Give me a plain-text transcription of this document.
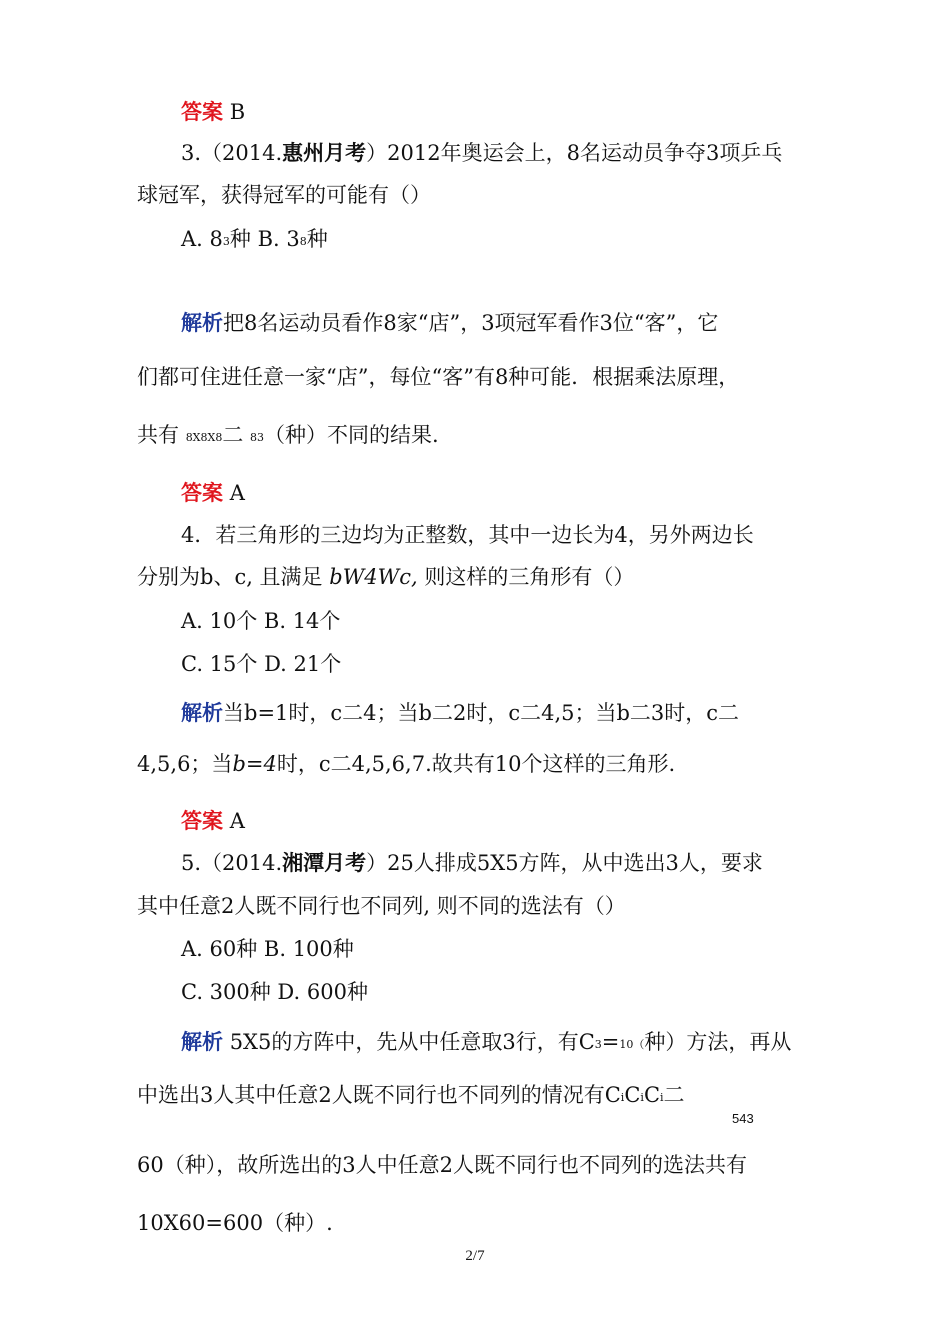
答案 B
3.（2014.惠州月考）2012年奥运会上，8名运动员争夺3项乒乓
球冠军，获得冠军的可能有（）
A. 83种 B. 38种
解析把8名运动员看作8家“店”，3项冠军看作3位“客”，它
们都可住进任意一家“店”，每位“客”有8种可能．根据乘法原理，
共有 8X8X8二 83（种）不同的结果.
答案 A
4．若三角形的三边均为正整数，其中一边长为4，另外两边长
分别为b、c, 且满足 bW4Wc, 则这样的三角形有（）
A. 10个 B. 14个
C. 15个 D. 21个
解析当b=1时，c二4；当b二2时，c二4,5；当b二3时，c二
4,5,6；当b=4时，c二4,5,6,7.故共有10个这样的三角形.
答案 A
5.（2014.湘潭月考）25人排成5X5方阵，从中选出3人，要求
其中任意2人既不同行也不同列, 则不同的选法有（）
A. 60种 B. 100种
C. 300种 D. 600种
解析 5X5的方阵中，先从中任意取3行，有C3=10（种）方法，再从
中选出3人其中任意2人既不同行也不同列的情况有CiCiCi二
543
60（种），故所选出的3人中任意2人既不同行也不同列的选法共有
10X60=600（种）.
2/7
